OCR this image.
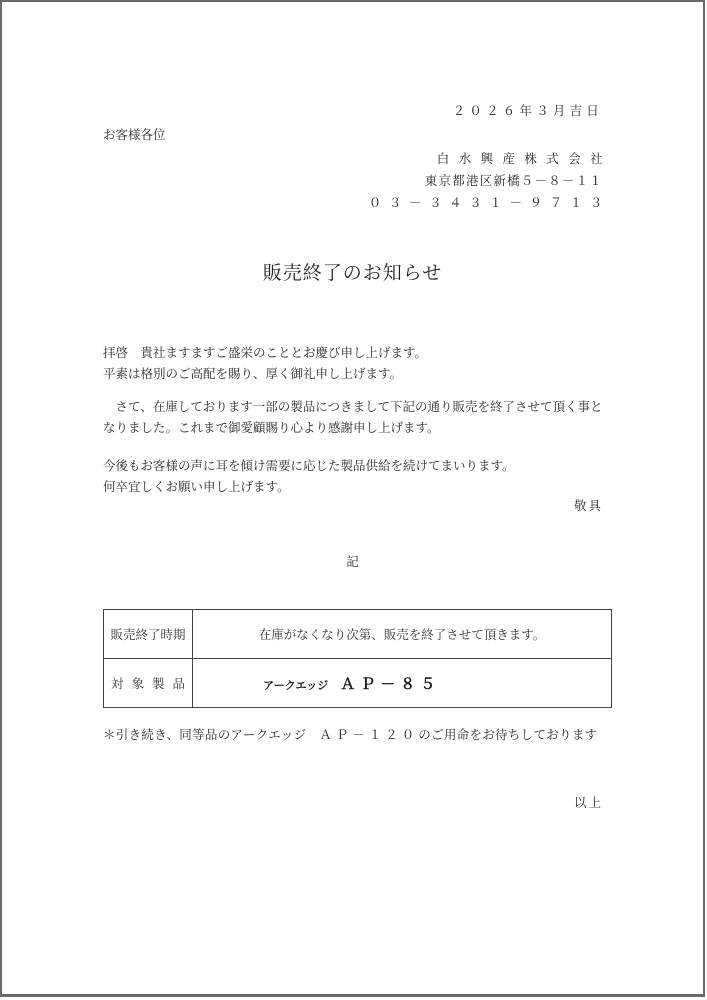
２０２６年３月吉日
お客様各位
白水興産株式会社
東京都港区新橋５－８－１１
０３－３４３１－９７１３
販売終了のお知らせ
拝啓　貴社ますますご盛栄のこととお慶び申し上げます。
平素は格別のご高配を賜り、厚く御礼申し上げます。
　さて、在庫しております一部の製品につきまして下記の通り販売を終了させて頂く事と
なりました。これまで御愛顧賜り心より感謝申し上げます。
今後もお客様の声に耳を傾け需要に応じた製品供給を続けてまいります。
何卒宜しくお願い申し上げます。
敬具
記
販売終了時期	在庫がなくなり次第、販売を終了させて頂きます。
対象製品	アークエッジ ＡＰ－８５
＊引き続き、同等品のアークエッジ　ＡＰ－１２０のご用命をお待ちしております
以上
